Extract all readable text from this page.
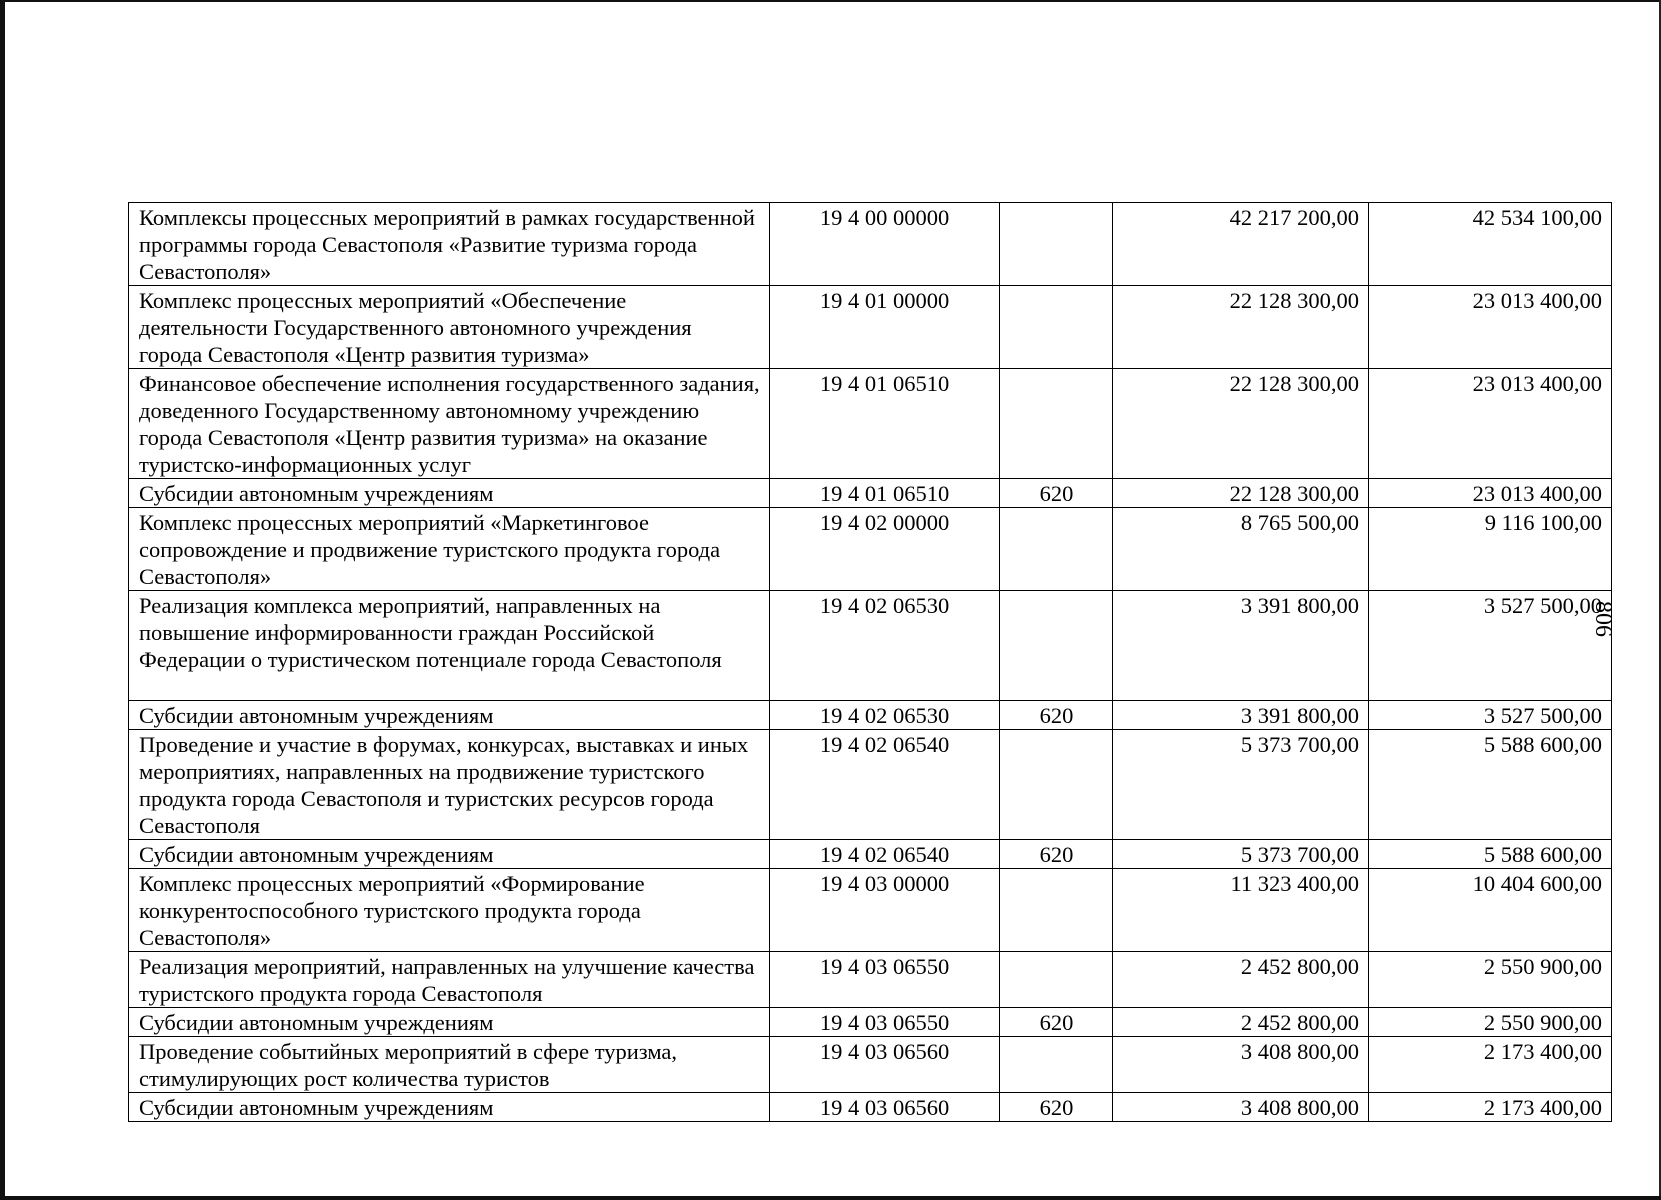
806
Комплексы процессных мероприятий в рамках государственной программы города Севастополя «Развитие туризма города Севастополя»	19 4 00 00000		42 217 200,00	42 534 100,00
Комплекс процессных мероприятий «Обеспечение деятельности Государственного автономного учреждения города Севастополя «Центр развития туризма»	19 4 01 00000		22 128 300,00	23 013 400,00
Финансовое обеспечение исполнения государственного задания, доведенного Государственному автономному учреждению города Севастополя «Центр развития туризма» на оказание туристско-информационных услуг	19 4 01 06510		22 128 300,00	23 013 400,00
Субсидии автономным учреждениям	19 4 01 06510	620	22 128 300,00	23 013 400,00
Комплекс процессных мероприятий «Маркетинговое сопровождение и продвижение туристского продукта города Севастополя»	19 4 02 00000		8 765 500,00	9 116 100,00
Реализация комплекса мероприятий, направленных на повышение информированности граждан Российской Федерации о туристическом потенциале города Севастополя	19 4 02 06530		3 391 800,00	3 527 500,00
Субсидии автономным учреждениям	19 4 02 06530	620	3 391 800,00	3 527 500,00
Проведение и участие в форумах, конкурсах, выставках и иных мероприятиях, направленных на продвижение туристского продукта города Севастополя и туристских ресурсов города Севастополя	19 4 02 06540		5 373 700,00	5 588 600,00
Субсидии автономным учреждениям	19 4 02 06540	620	5 373 700,00	5 588 600,00
Комплекс процессных мероприятий «Формирование конкурентоспособного туристского продукта города Севастополя»	19 4 03 00000		11 323 400,00	10 404 600,00
Реализация мероприятий, направленных на улучшение качества туристского продукта города Севастополя	19 4 03 06550		2 452 800,00	2 550 900,00
Субсидии автономным учреждениям	19 4 03 06550	620	2 452 800,00	2 550 900,00
Проведение событийных мероприятий в сфере туризма, стимулирующих рост количества туристов	19 4 03 06560		3 408 800,00	2 173 400,00
Субсидии автономным учреждениям	19 4 03 06560	620	3 408 800,00	2 173 400,00
